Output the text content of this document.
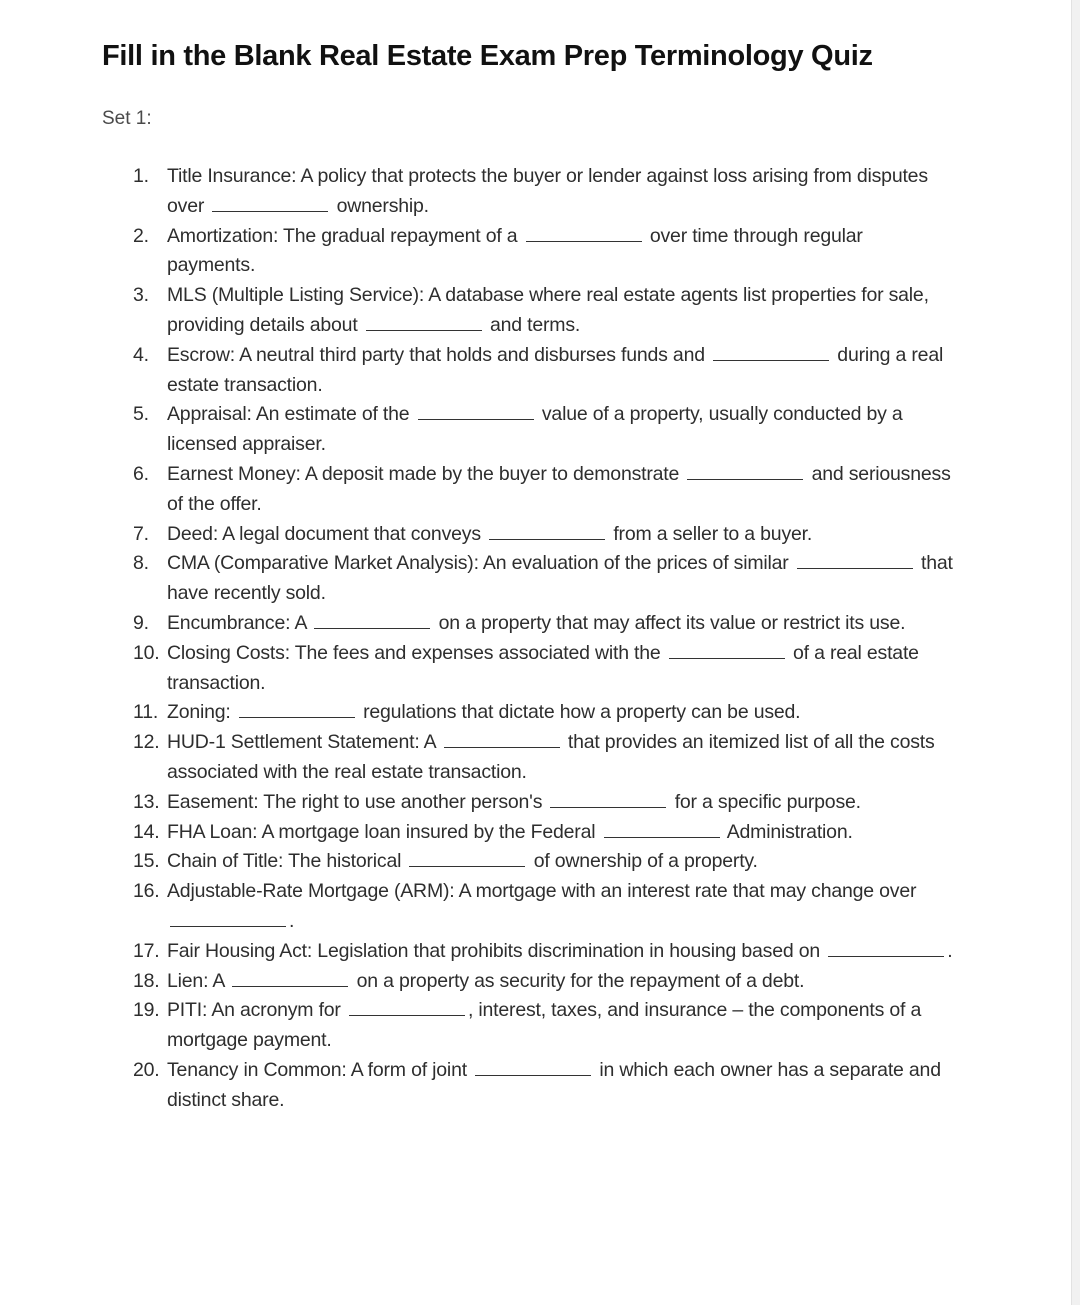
Fill in the Blank Real Estate Exam Prep Terminology Quiz

Set 1:

1. Title Insurance: A policy that protects the buyer or lender against loss arising from disputes over	ownership.
2. Amortization: The gradual repayment of a	over time through regular payments.
3. MLS (Multiple Listing Service): A database where real estate agents list properties for sale, providing details about	and terms.
4. Escrow: A neutral third party that holds and disburses funds and	during a real estate transaction.
5. Appraisal: An estimate of the	value of a property, usually conducted by a licensed appraiser.
6. Earnest Money: A deposit made by the buyer to demonstrate	and seriousness of the offer.
7. Deed: A legal document that conveys	from a seller to a buyer.
8. CMA (Comparative Market Analysis): An evaluation of the prices of similar	that have recently sold.
9. Encumbrance: A	on a property that may affect its value or restrict its use.
10. Closing Costs: The fees and expenses associated with the	of a real estate transaction.
11. Zoning:	regulations that dictate how a property can be used.
12. HUD-1 Settlement Statement: A	that provides an itemized list of all the costs associated with the real estate transaction.
13. Easement: The right to use another person's	for a specific purpose.
14. FHA Loan: A mortgage loan insured by the Federal	Administration.
15. Chain of Title: The historical	of ownership of a property.
16. Adjustable-Rate Mortgage (ARM): A mortgage with an interest rate that may change over .
17. Fair Housing Act: Legislation that prohibits discrimination in housing based on	.
18. Lien: A	on a property as security for the repayment of a debt.
19. PITI: An acronym for	, interest, taxes, and insurance – the components of a mortgage payment.
20. Tenancy in Common: A form of joint	in which each owner has a separate and distinct share.
